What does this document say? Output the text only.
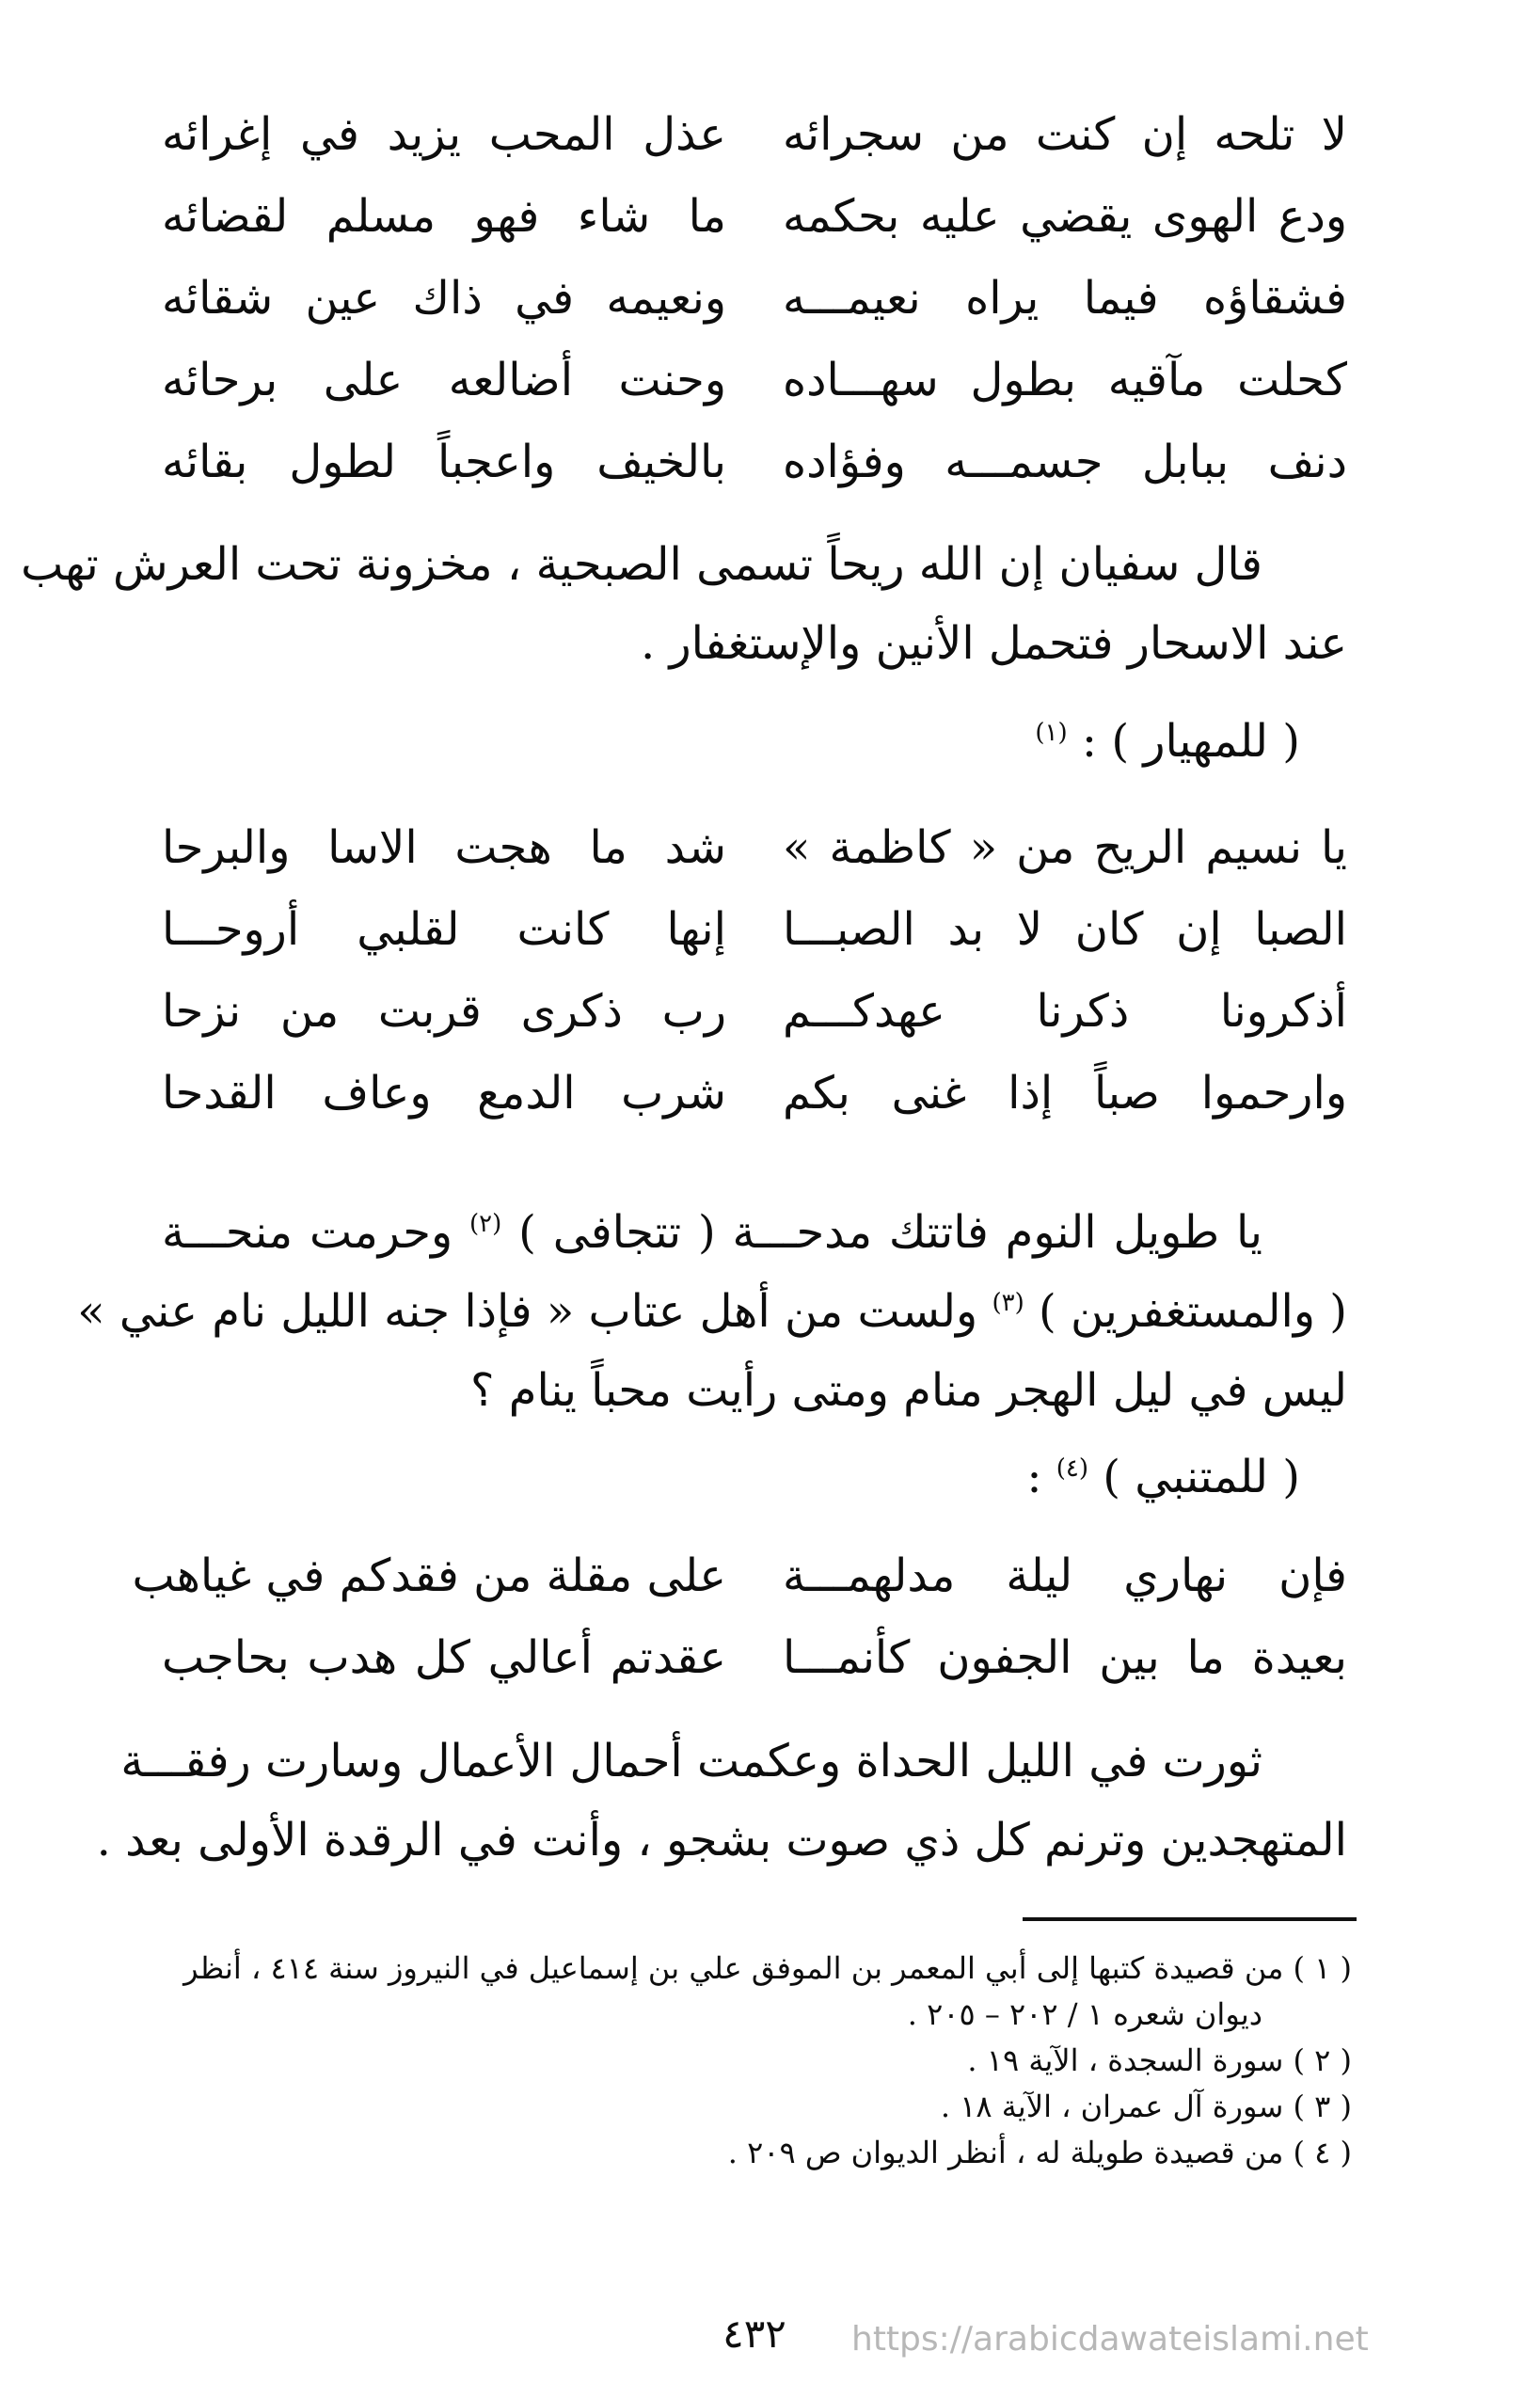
لا تلحه إن كنت من سجرائه
عذل المحب يزيد في إغرائه
ودع الهوى يقضي عليه بحكمه
ما شاء فهو مسلم لقضائه
فشقاؤه فيما يراه نعيمـــه
ونعيمه في ذاك عين شقائه
كحلت مآقيه بطول سهـــاده
وحنت أضالعه على برحائه
دنف ببابل جسمـــه وفؤاده
بالخيف واعجباً لطول بقائه
قال سفيان إن الله ريحاً تسمى الصبحية ، مخزونة تحت العرش تهب
عند الاسحار فتحمل الأنين والإستغفار .
( للمهيار ) : $^{(١)}$
يا نسيم الريح من « كاظمة »
شد ما هجت الاسا والبرحا
الصبا إن كان لا بد الصبـــا
إنها كانت لقلبي أروحـــا
أذكرونا ذكرنا عهدكـــم
رب ذكرى قربت من نزحا
وارحموا صباً إذا غنى بكم
شرب الدمع وعاف القدحا
يا طويل النوم فاتتك مدحـــة ( تتجافى ) $^{(٢)}$ وحرمت منحـــة
( والمستغفرين ) $^{(٣)}$ ولست من أهل عتاب « فإذا جنه الليل نام عني »
ليس في ليل الهجر منام ومتى رأيت محباً ينام ؟
( للمتنبي ) $^{(٤)}$ :
فإن نهاري ليلة مدلهمـــة
على مقلة من فقدكم في غياهب
بعيدة ما بين الجفون كأنمـــا
عقدتم أعالي كل هدب بحاجب
ثورت في الليل الحداة وعكمت أحمال الأعمال وسارت رفقـــة
المتهجدين وترنم كل ذي صوت بشجو ، وأنت في الرقدة الأولى بعد .
( ١ ) من قصيدة كتبها إلى أبي المعمر بن الموفق علي بن إسماعيل في النيروز سنة ٤١٤ ، أنظر
ديوان شعره ١ / ٢٠٢ – ٢٠٥ .
( ٢ ) سورة السجدة ، الآية ١٩ .
( ٣ ) سورة آل عمران ، الآية ١٨ .
( ٤ ) من قصيدة طويلة له ، أنظر الديوان ص ٢٠٩ .
٤٣٢	https://arabicdawateislami.net
